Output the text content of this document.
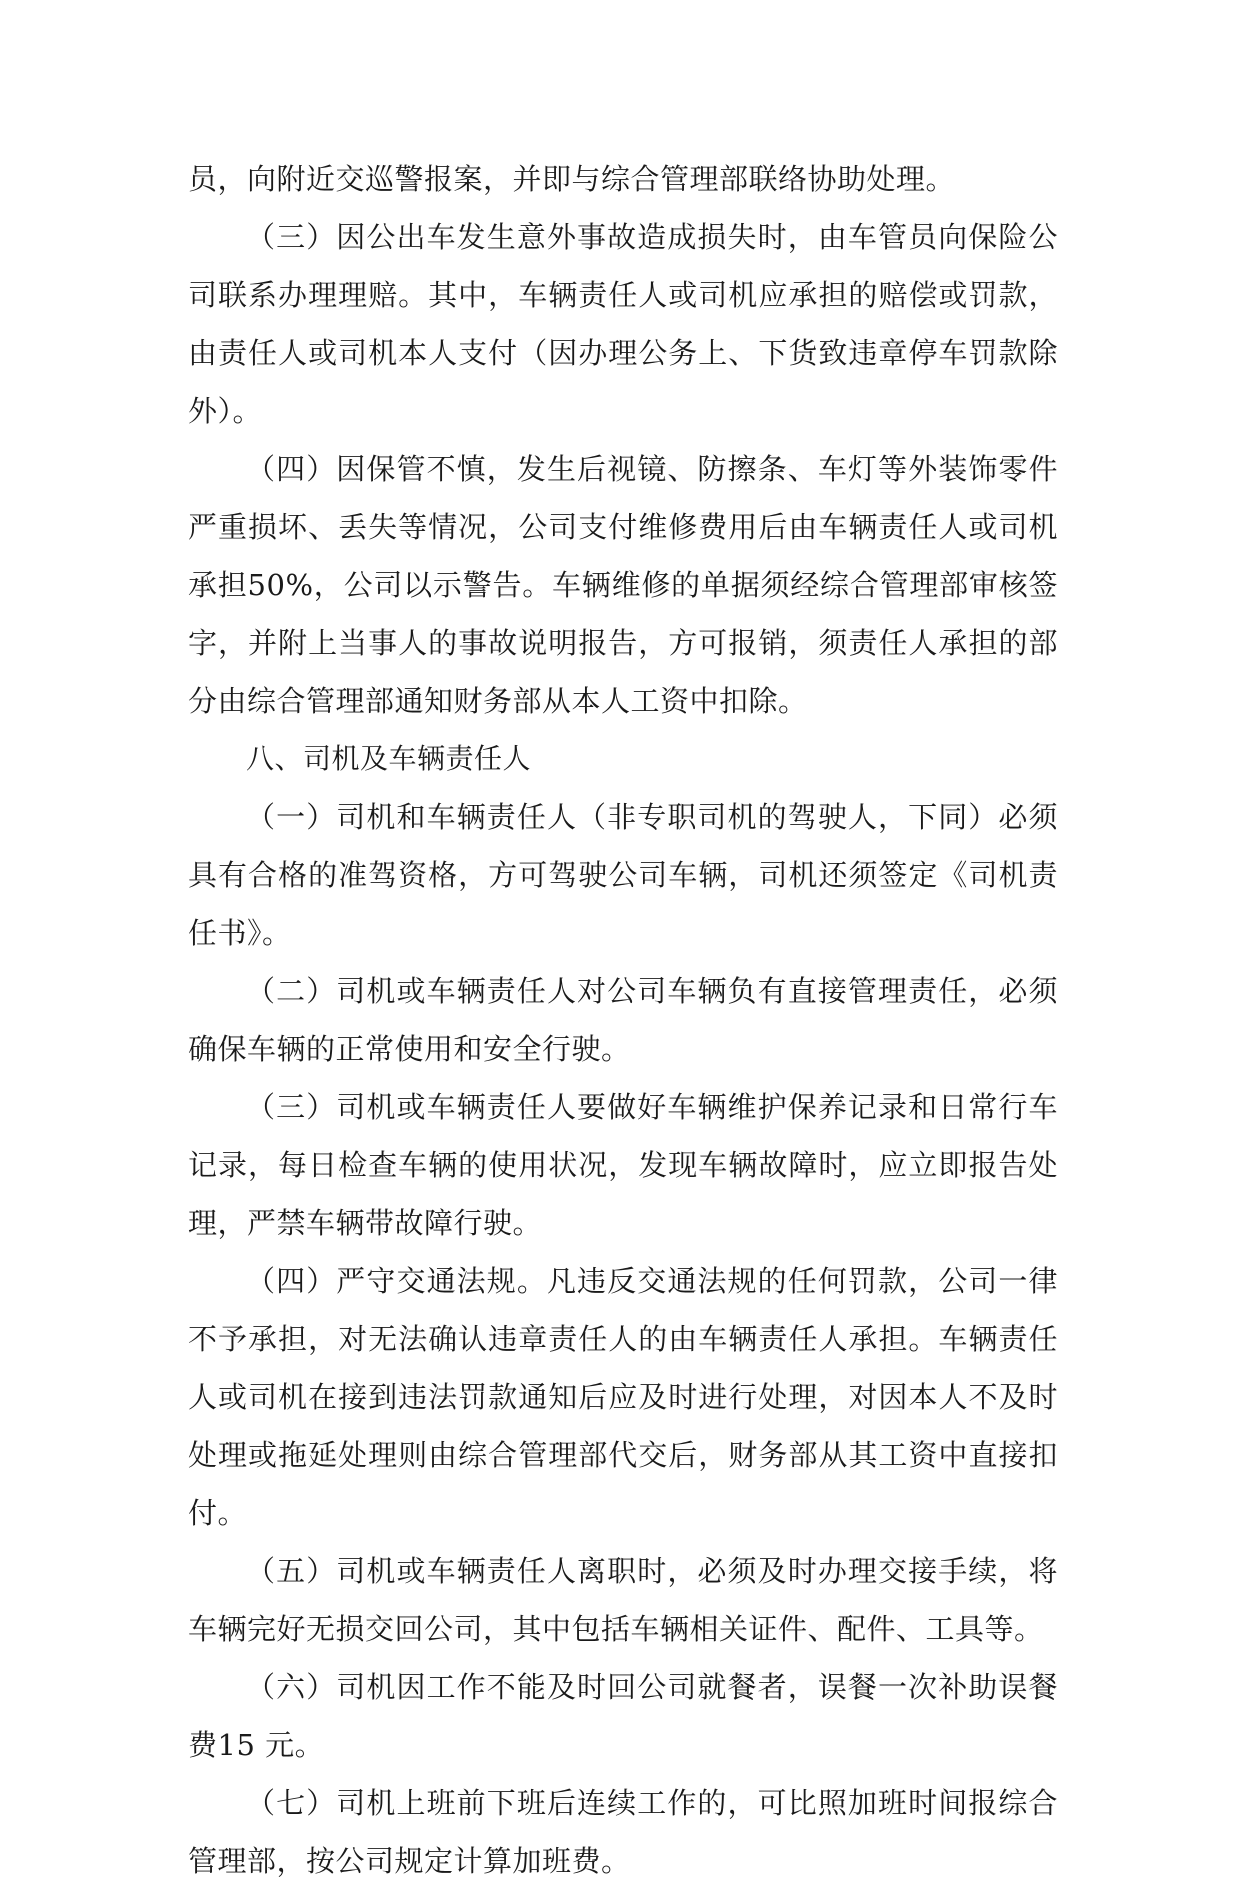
员，向附近交巡警报案，并即与综合管理部联络协助处理。

（三）因公出车发生意外事故造成损失时，由车管员向保险公司联系办理理赔。其中，车辆责任人或司机应承担的赔偿或罚款，由责任人或司机本人支付（因办理公务上、下货致违章停车罚款除外）。

（四）因保管不慎，发生后视镜、防擦条、车灯等外装饰零件严重损坏、丢失等情况，公司支付维修费用后由车辆责任人或司机承担50%，公司以示警告。车辆维修的单据须经综合管理部审核签字，并附上当事人的事故说明报告，方可报销，须责任人承担的部分由综合管理部通知财务部从本人工资中扣除。

八、司机及车辆责任人

（一）司机和车辆责任人（非专职司机的驾驶人，下同）必须具有合格的准驾资格，方可驾驶公司车辆，司机还须签定《司机责任书》。

（二）司机或车辆责任人对公司车辆负有直接管理责任，必须确保车辆的正常使用和安全行驶。

（三）司机或车辆责任人要做好车辆维护保养记录和日常行车记录，每日检查车辆的使用状况，发现车辆故障时，应立即报告处理，严禁车辆带故障行驶。

（四）严守交通法规。凡违反交通法规的任何罚款，公司一律不予承担，对无法确认违章责任人的由车辆责任人承担。车辆责任人或司机在接到违法罚款通知后应及时进行处理，对因本人不及时处理或拖延处理则由综合管理部代交后，财务部从其工资中直接扣付。

（五）司机或车辆责任人离职时，必须及时办理交接手续，将车辆完好无损交回公司，其中包括车辆相关证件、配件、工具等。

（六）司机因工作不能及时回公司就餐者，误餐一次补助误餐费15 元。

（七）司机上班前下班后连续工作的，可比照加班时间报综合管理部，按公司规定计算加班费。
